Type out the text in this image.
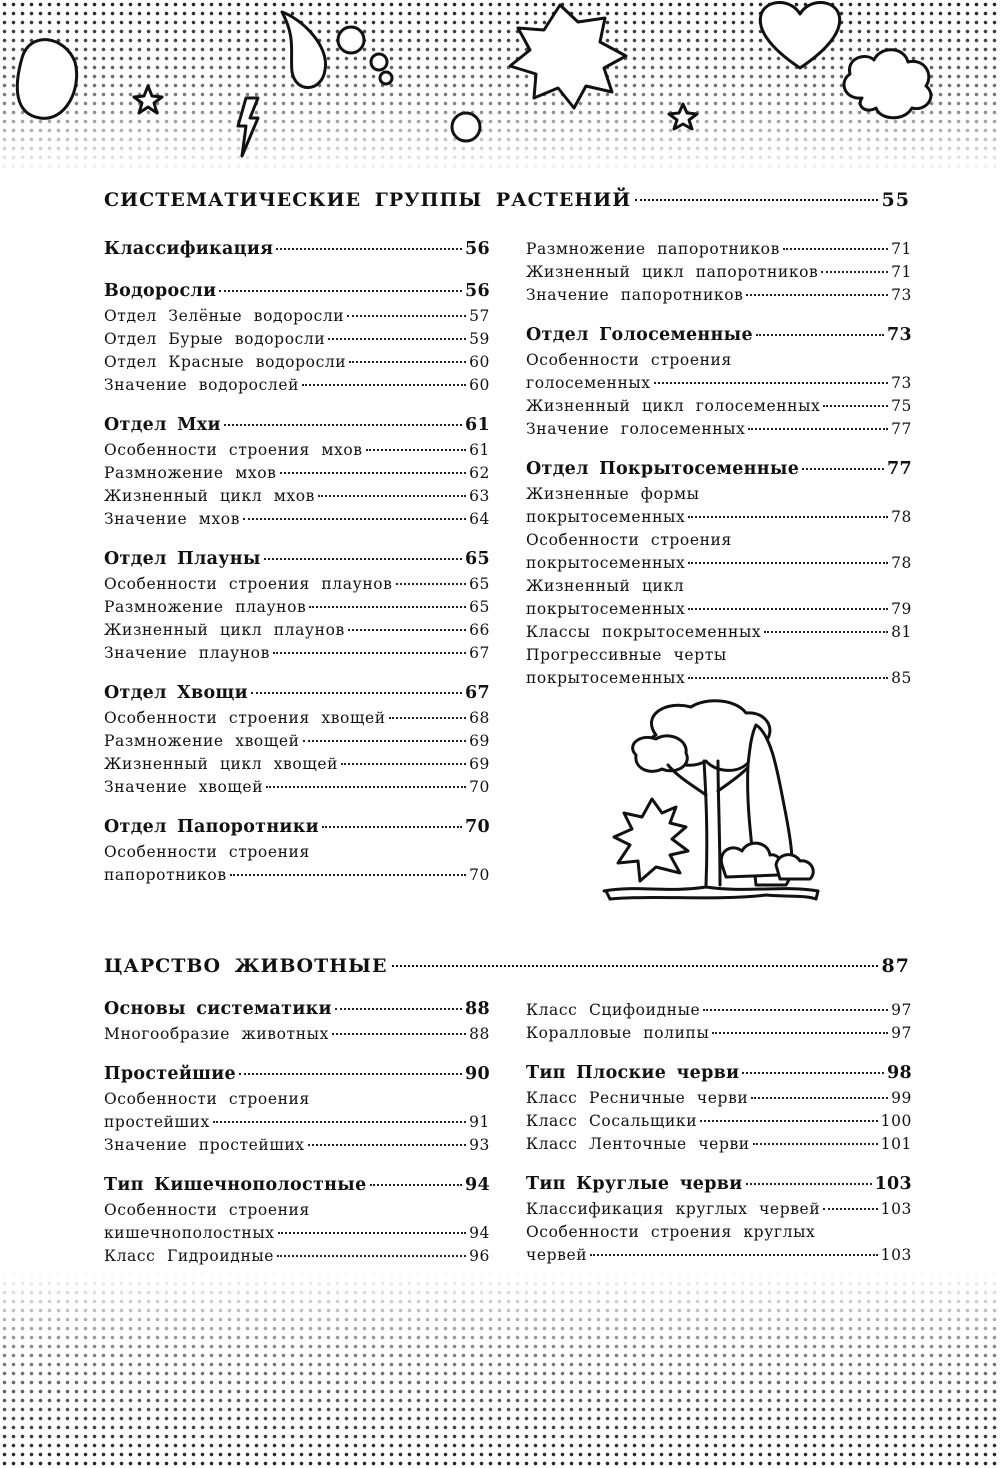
СИСТЕМАТИЧЕСКИЕ ГРУППЫ РАСТЕНИЙ	55
Классификация	56
Водоросли	56
Отдел Зелёные водоросли	57
Отдел Бурые водоросли	59
Отдел Красные водоросли	60
Значение водорослей	60
Отдел Мхи	61
Особенности строения мхов	61
Размножение мхов	62
Жизненный цикл мхов	63
Значение мхов	64
Отдел Плауны	65
Особенности строения плаунов	65
Размножение плаунов	65
Жизненный цикл плаунов	66
Значение плаунов	67
Отдел Хвощи	67
Особенности строения хвощей	68
Размножение хвощей	69
Жизненный цикл хвощей	69
Значение хвощей	70
Отдел Папоротники	70
Особенности строения
папоротников	70
Размножение папоротников	71
Жизненный цикл папоротников	71
Значение папоротников	73
Отдел Голосеменные	73
Особенности строения
голосеменных	73
Жизненный цикл голосеменных	75
Значение голосеменных	77
Отдел Покрытосеменные	77
Жизненные формы
покрытосеменных	78
Особенности строения
покрытосеменных	78
Жизненный цикл
покрытосеменных	79
Классы покрытосеменных	81
Прогрессивные черты
покрытосеменных	85
ЦАРСТВО ЖИВОТНЫЕ	87
Основы систематики	88
Многообразие животных	88
Простейшие	90
Особенности строения
простейших	91
Значение простейших	93
Тип Кишечнополостные	94
Особенности строения
кишечнополостных	94
Класс Гидроидные	96
Класс Сцифоидные	97
Коралловые полипы	97
Тип Плоские черви	98
Класс Ресничные черви	99
Класс Сосальщики	100
Класс Ленточные черви	101
Тип Круглые черви	103
Классификация круглых червей	103
Особенности строения круглых
червей	103
